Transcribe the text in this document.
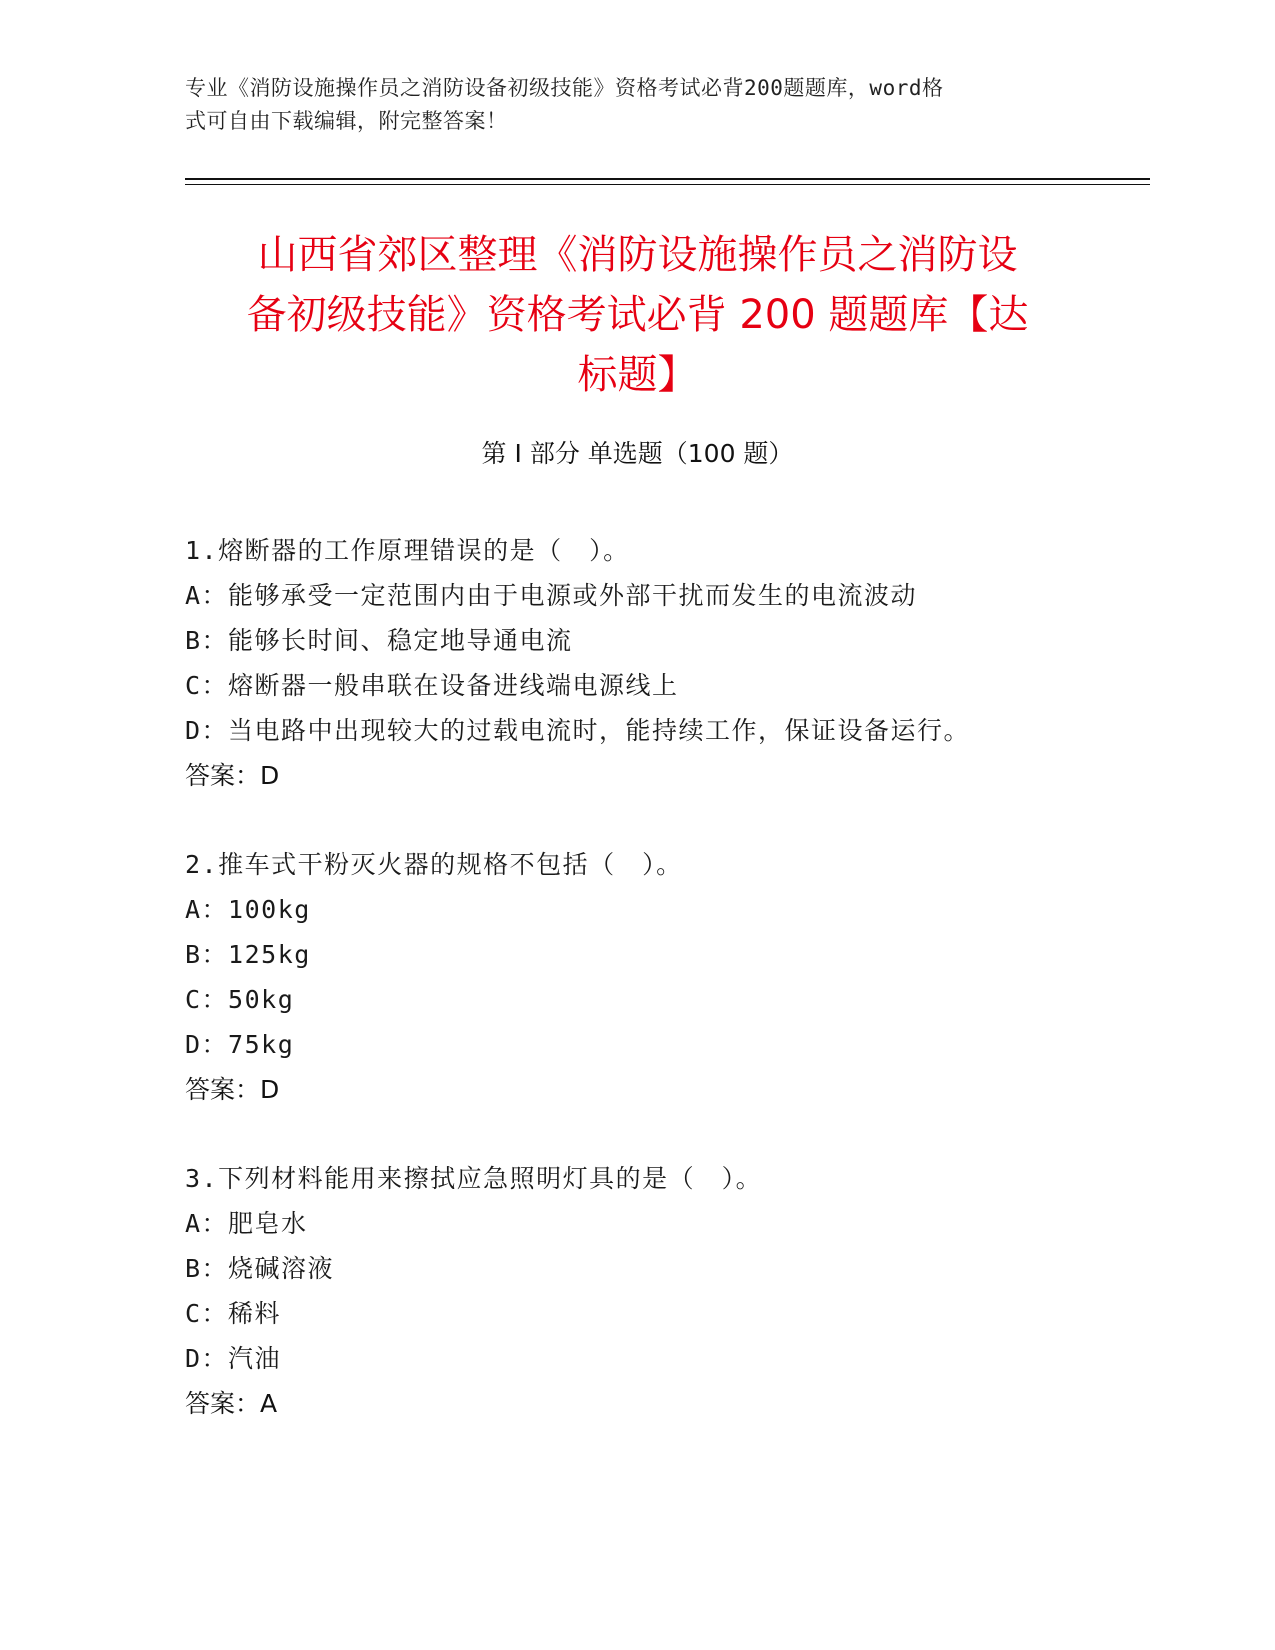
专业《消防设施操作员之消防设备初级技能》资格考试必背200题题库，word格
式可自由下载编辑，附完整答案！
山西省郊区整理《消防设施操作员之消防设
备初级技能》资格考试必背 200 题题库【达
标题】
第 I 部分 单选题（100 题）
1.熔断器的工作原理错误的是（　）。
A：能够承受一定范围内由于电源或外部干扰而发生的电流波动
B：能够长时间、稳定地导通电流
C：熔断器一般串联在设备进线端电源线上
D：当电路中出现较大的过载电流时，能持续工作，保证设备运行。
答案：D
2.推车式干粉灭火器的规格不包括（　）。
A：100kg
B：125kg
C：50kg
D：75kg
答案：D
3.下列材料能用来擦拭应急照明灯具的是（　）。
A：肥皂水
B：烧碱溶液
C：稀料
D：汽油
答案：A
